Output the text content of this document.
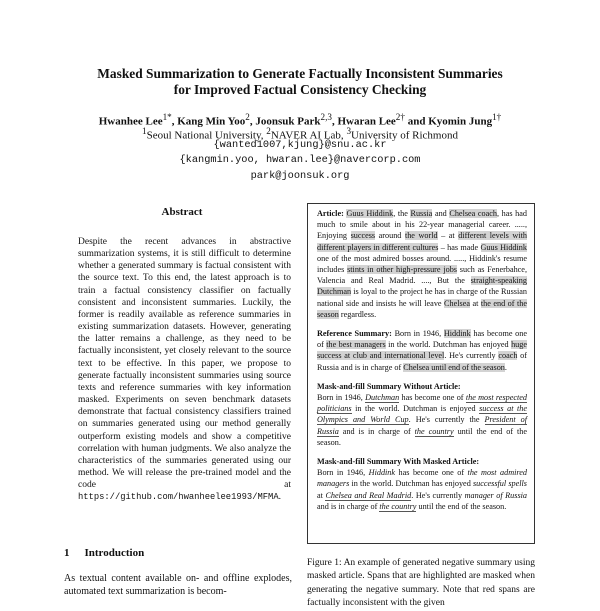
Masked Summarization to Generate Factually Inconsistent Summaries
for Improved Factual Consistency Checking
Hwanhee Lee$^{1*}$, Kang Min Yoo$^2$, Joonsuk Park$^{2,3}$, Hwaran Lee$^{2\dagger}$ and Kyomin Jung$^{1\dagger}$
$^1$Seoul National University, $^2$NAVER AI Lab, $^3$University of Richmond
{wanted1007,kjung}@snu.ac.kr
{kangmin.yoo, hwaran.lee}@navercorp.com
park@joonsuk.org
Abstract

Despite the recent advances in abstractive summarization systems, it is still difficult to determine whether a generated summary is factual consistent with the source text. To this end, the latest approach is to train a factual consistency classifier on factually consistent and inconsistent summaries. Luckily, the former is readily available as reference summaries in existing summarization datasets. However, generating the latter remains a challenge, as they need to be factually inconsistent, yet closely relevant to the source text to be effective. In this paper, we propose to generate factually inconsistent summaries using source texts and reference summaries with key information masked. Experiments on seven benchmark datasets demonstrate that factual consistency classifiers trained on summaries generated using our method generally outperform existing models and show a competitive correlation with human judgments. We also analyze the characteristics of the summaries generated using our method. We will release the pre-trained model and the code at https://github.com/hwanheelee1993/MFMA.

1 Introduction

As textual content available on- and offline explodes, automated text summarization is becom-

Article: Guus Hiddink, the Russia and Chelsea coach, has had much to smile about in his 22-year managerial career. ....., Enjoying success around the world – at different levels with different players in different cultures – has made Guus Hiddink one of the most admired bosses around. ....., Hiddink's resume includes stints in other high-pressure jobs such as Fenerbahce, Valencia and Real Madrid. ...., But the straight-speaking Dutchman is loyal to the project he has in charge of the Russian national side and insists he will leave Chelsea at the end of the season regardless.

Reference Summary: Born in 1946, Hiddink has become one of the best managers in the world. Dutchman has enjoyed huge success at club and international level. He's currently coach of Russia and is in charge of Chelsea until end of the season.

Mask-and-fill Summary Without Article:

Born in 1946, Dutchman has become one of the most respected politicians in the world. Dutchman is enjoyed success at the Olympics and World Cup. He's currently the President of Russia and is in charge of the country until the end of the season.

Mask-and-fill Summary With Masked Article:

Born in 1946, Hiddink has become one of the most admired managers in the world. Dutchman has enjoyed successful spells at Chelsea and Real Madrid. He's currently manager of Russia and is in charge of the country until the end of the season.

Figure 1: An example of generated negative summary using masked article. Spans that are highlighted are masked when generating the negative summary. Note that red spans are factually inconsistent with the given
